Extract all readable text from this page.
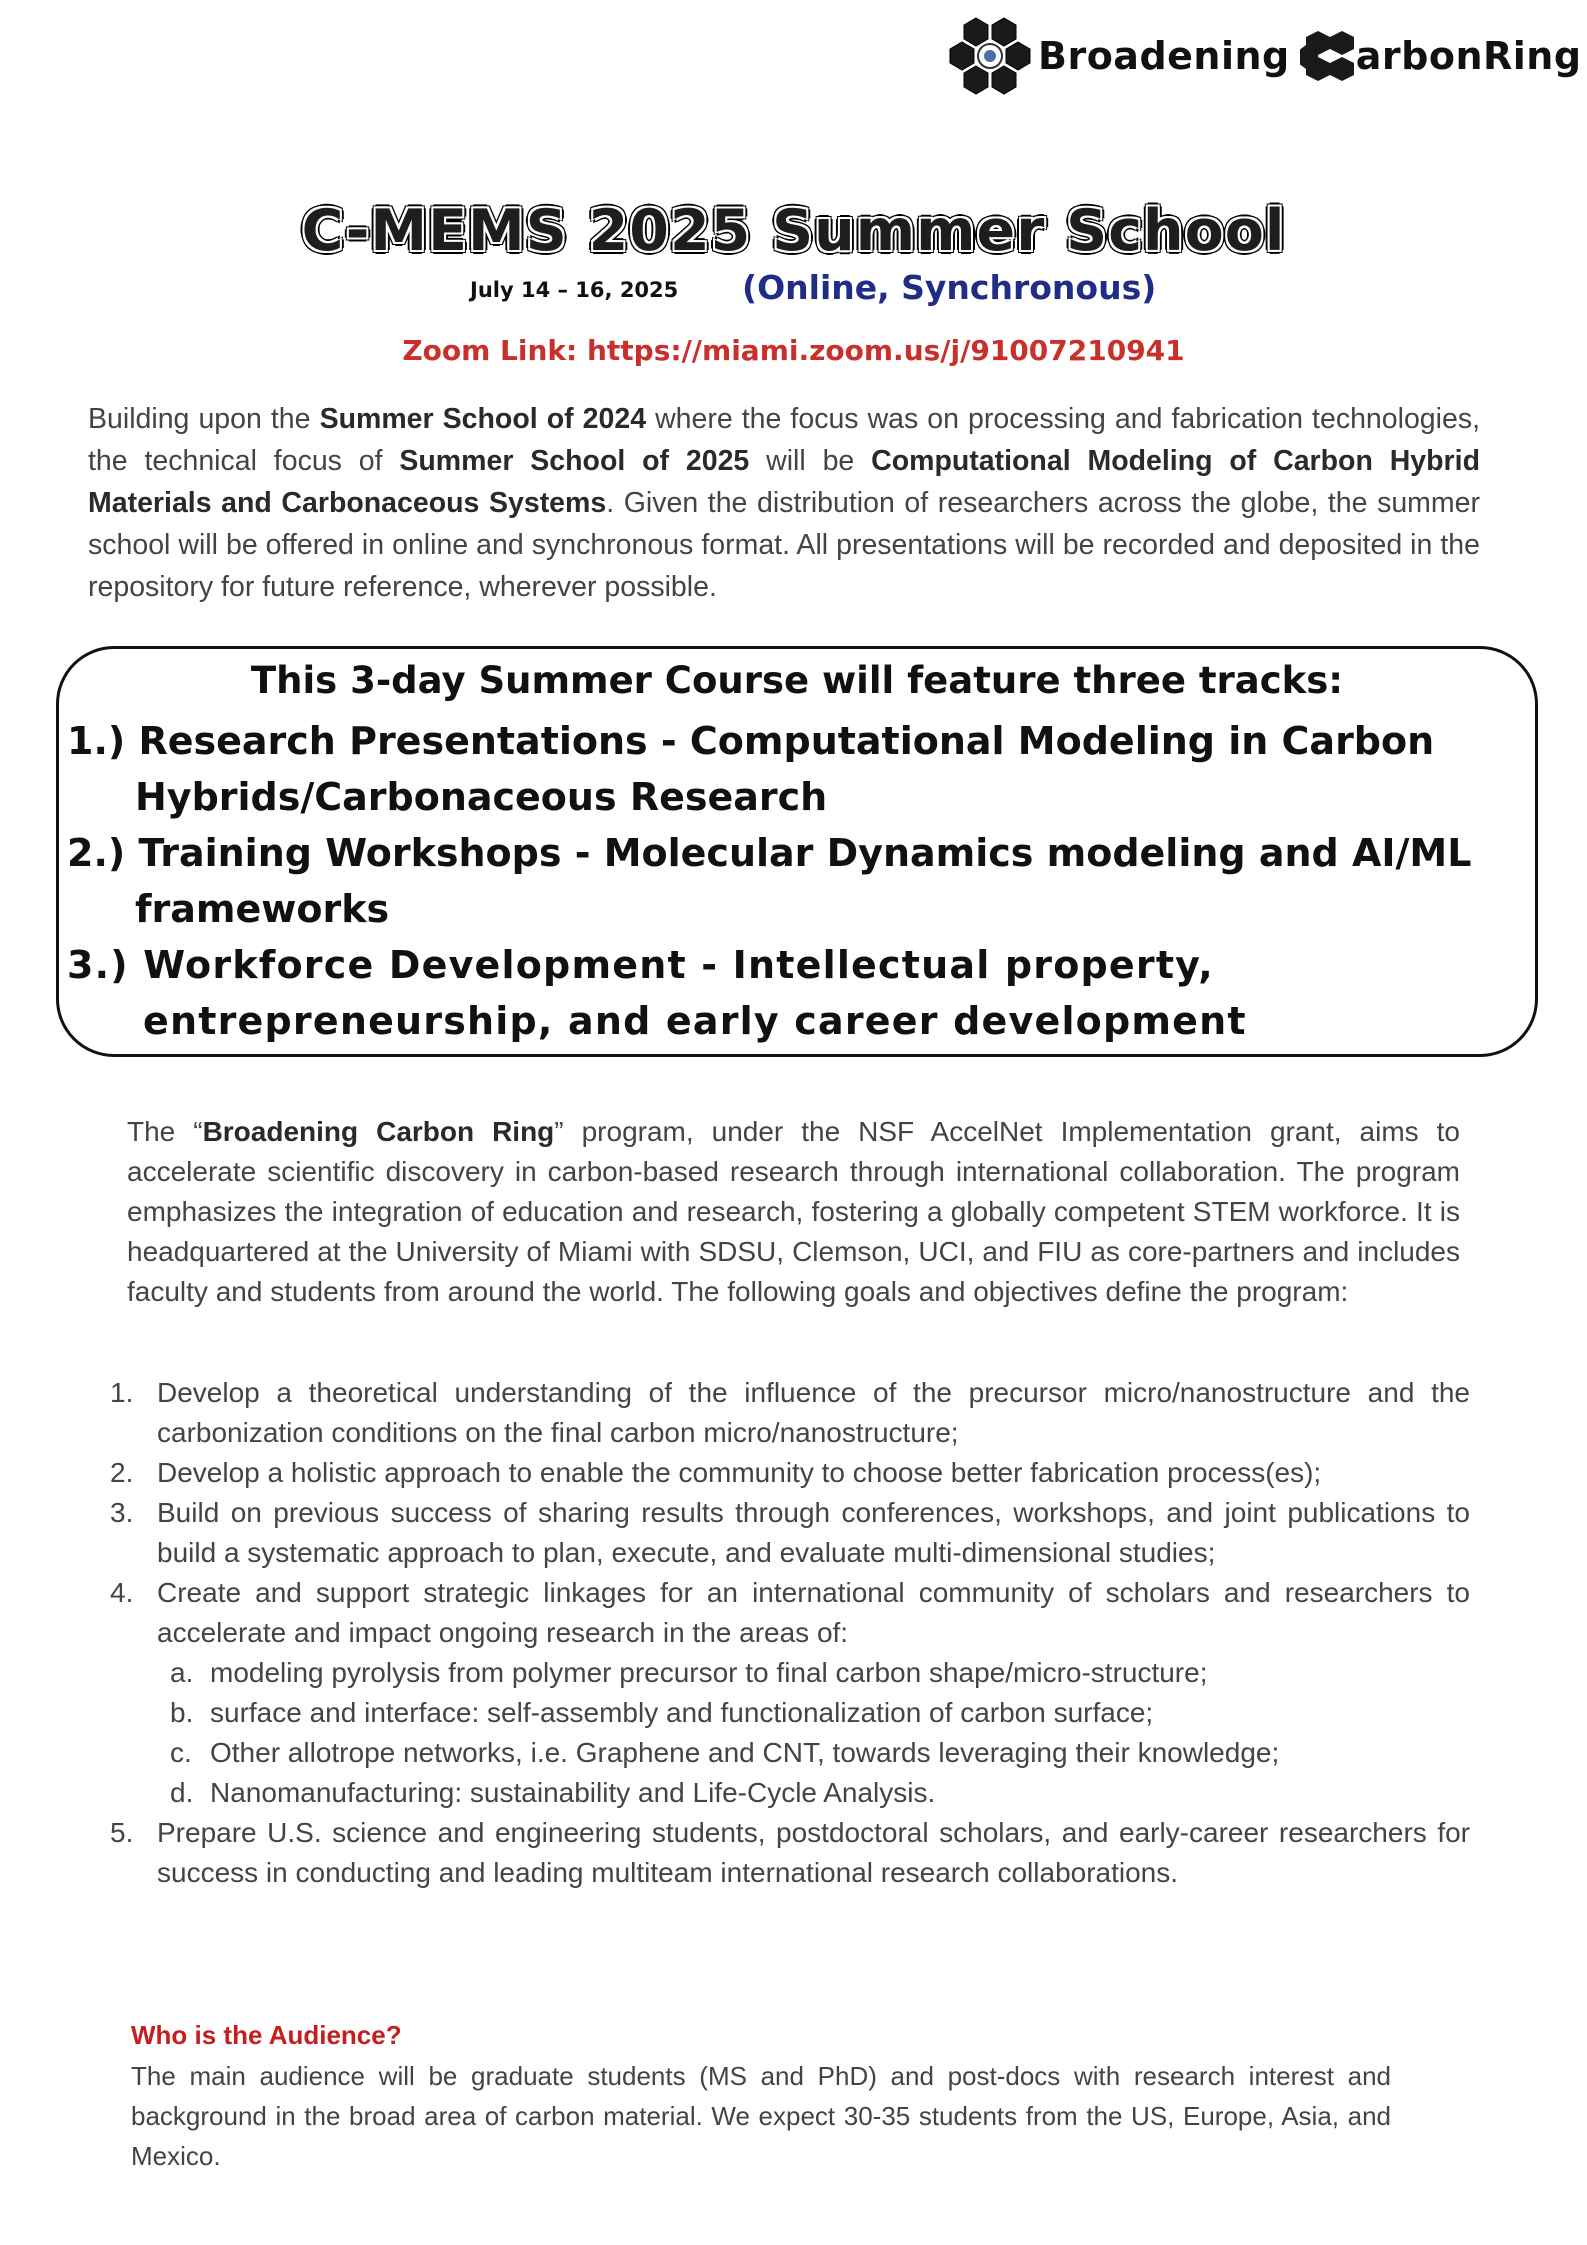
Broadening arbonRing
C-MEMS 2025 Summer School
July 14 – 16, 2025 (Online, Synchronous)
Zoom Link: https://miami.zoom.us/j/91007210941

Building upon the Summer School of 2024 where the focus was on processing and fabrication technologies, the technical focus of Summer School of 2025 will be Computational Modeling of Carbon Hybrid Materials and Carbonaceous Systems. Given the distribution of researchers across the globe, the summer school will be offered in online and synchronous format. All presentations will be recorded and deposited in the repository for future reference, wherever possible.

This 3-day Summer Course will feature three tracks:
1.) Research Presentations - Computational Modeling in Carbon
Hybrids/Carbonaceous Research
2.) Training Workshops - Molecular Dynamics modeling and AI/ML
frameworks
3.) Workforce Development - Intellectual property,
entrepreneurship, and early career development

The “Broadening Carbon Ring” program, under the NSF AccelNet Implementation grant, aims to accelerate scientific discovery in carbon-based research through international collaboration. The program emphasizes the integration of education and research, fostering a globally competent STEM workforce. It is headquartered at the University of Miami with SDSU, Clemson, UCI, and FIU as core-partners and includes faculty and students from around the world. The following goals and objectives define the program:

1. Develop a theoretical understanding of the influence of the precursor micro/nanostructure and the carbonization conditions on the final carbon micro/nanostructure;
2. Develop a holistic approach to enable the community to choose better fabrication process(es);
3. Build on previous success of sharing results through conferences, workshops, and joint publications to build a systematic approach to plan, execute, and evaluate multi-dimensional studies;
4. Create and support strategic linkages for an international community of scholars and researchers to accelerate and impact ongoing research in the areas of:
a. modeling pyrolysis from polymer precursor to final carbon shape/micro-structure;
b. surface and interface: self-assembly and functionalization of carbon surface;
c. Other allotrope networks, i.e. Graphene and CNT, towards leveraging their knowledge;
d. Nanomanufacturing: sustainability and Life-Cycle Analysis.
5. Prepare U.S. science and engineering students, postdoctoral scholars, and early-career researchers for success in conducting and leading multiteam international research collaborations.
Who is the Audience?

The main audience will be graduate students (MS and PhD) and post-docs with research interest and background in the broad area of carbon material. We expect 30-35 students from the US, Europe, Asia, and Mexico.
